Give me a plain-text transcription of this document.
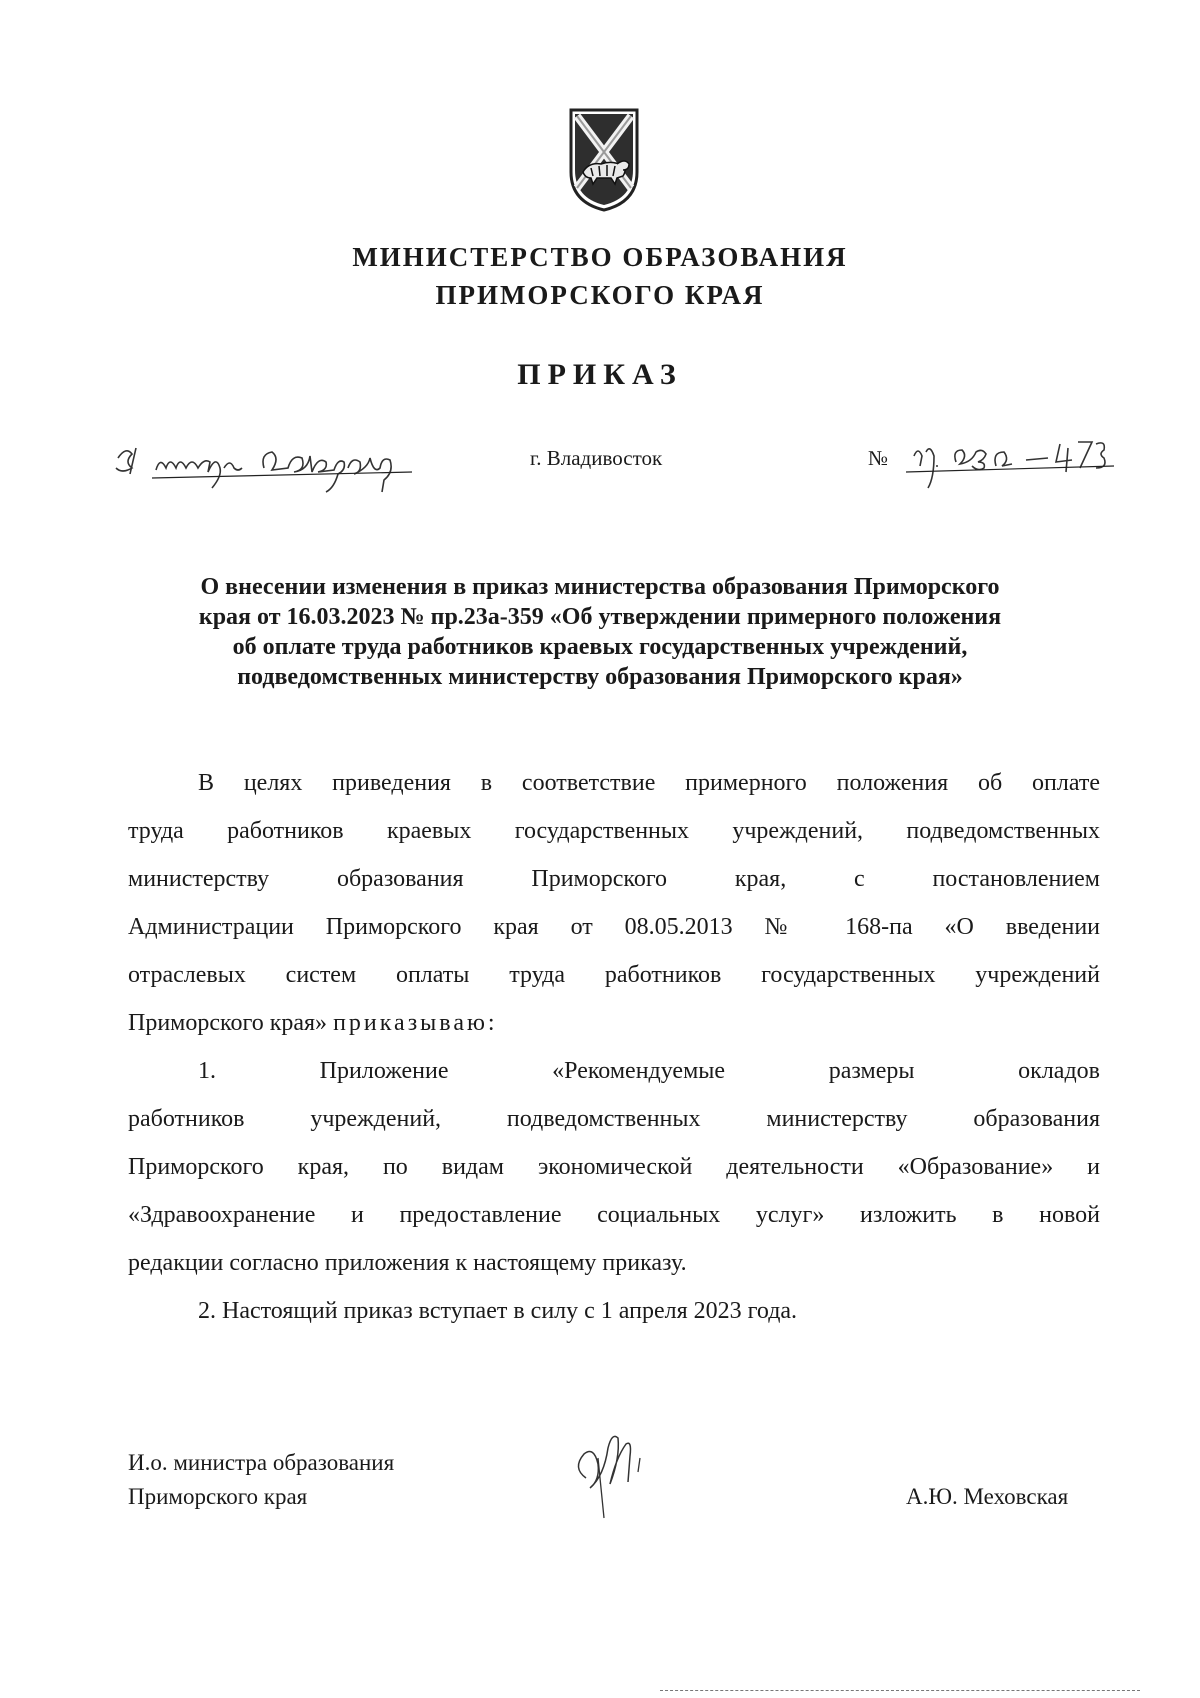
МИНИСТЕРСТВО ОБРАЗОВАНИЯ
ПРИМОРСКОГО КРАЯ
ПРИКАЗ
г. Владивосток	№
О внесении изменения в приказ министерства образования Приморского
края от 16.03.2023 № пр.23а-359 «Об утверждении примерного положения
об оплате труда работников краевых государственных учреждений,
подведомственных министерству образования Приморского края»
В целях приведения в соответствие примерного положения об оплате
труда работников краевых государственных учреждений, подведомственных
министерству образования Приморского края, с постановлением
Администрации Приморского края от 08.05.2013 № 168-па «О введении
отраслевых систем оплаты труда работников государственных учреждений
Приморского края» приказываю:
1. Приложение «Рекомендуемые размеры окладов
работников учреждений, подведомственных министерству образования
Приморского края, по видам экономической деятельности «Образование» и
«Здравоохранение и предоставление социальных услуг» изложить в новой
редакции согласно приложения к настоящему приказу.
2. Настоящий приказ вступает в силу с 1 апреля 2023 года.
И.о. министра образования
Приморского края	А.Ю. Меховская
